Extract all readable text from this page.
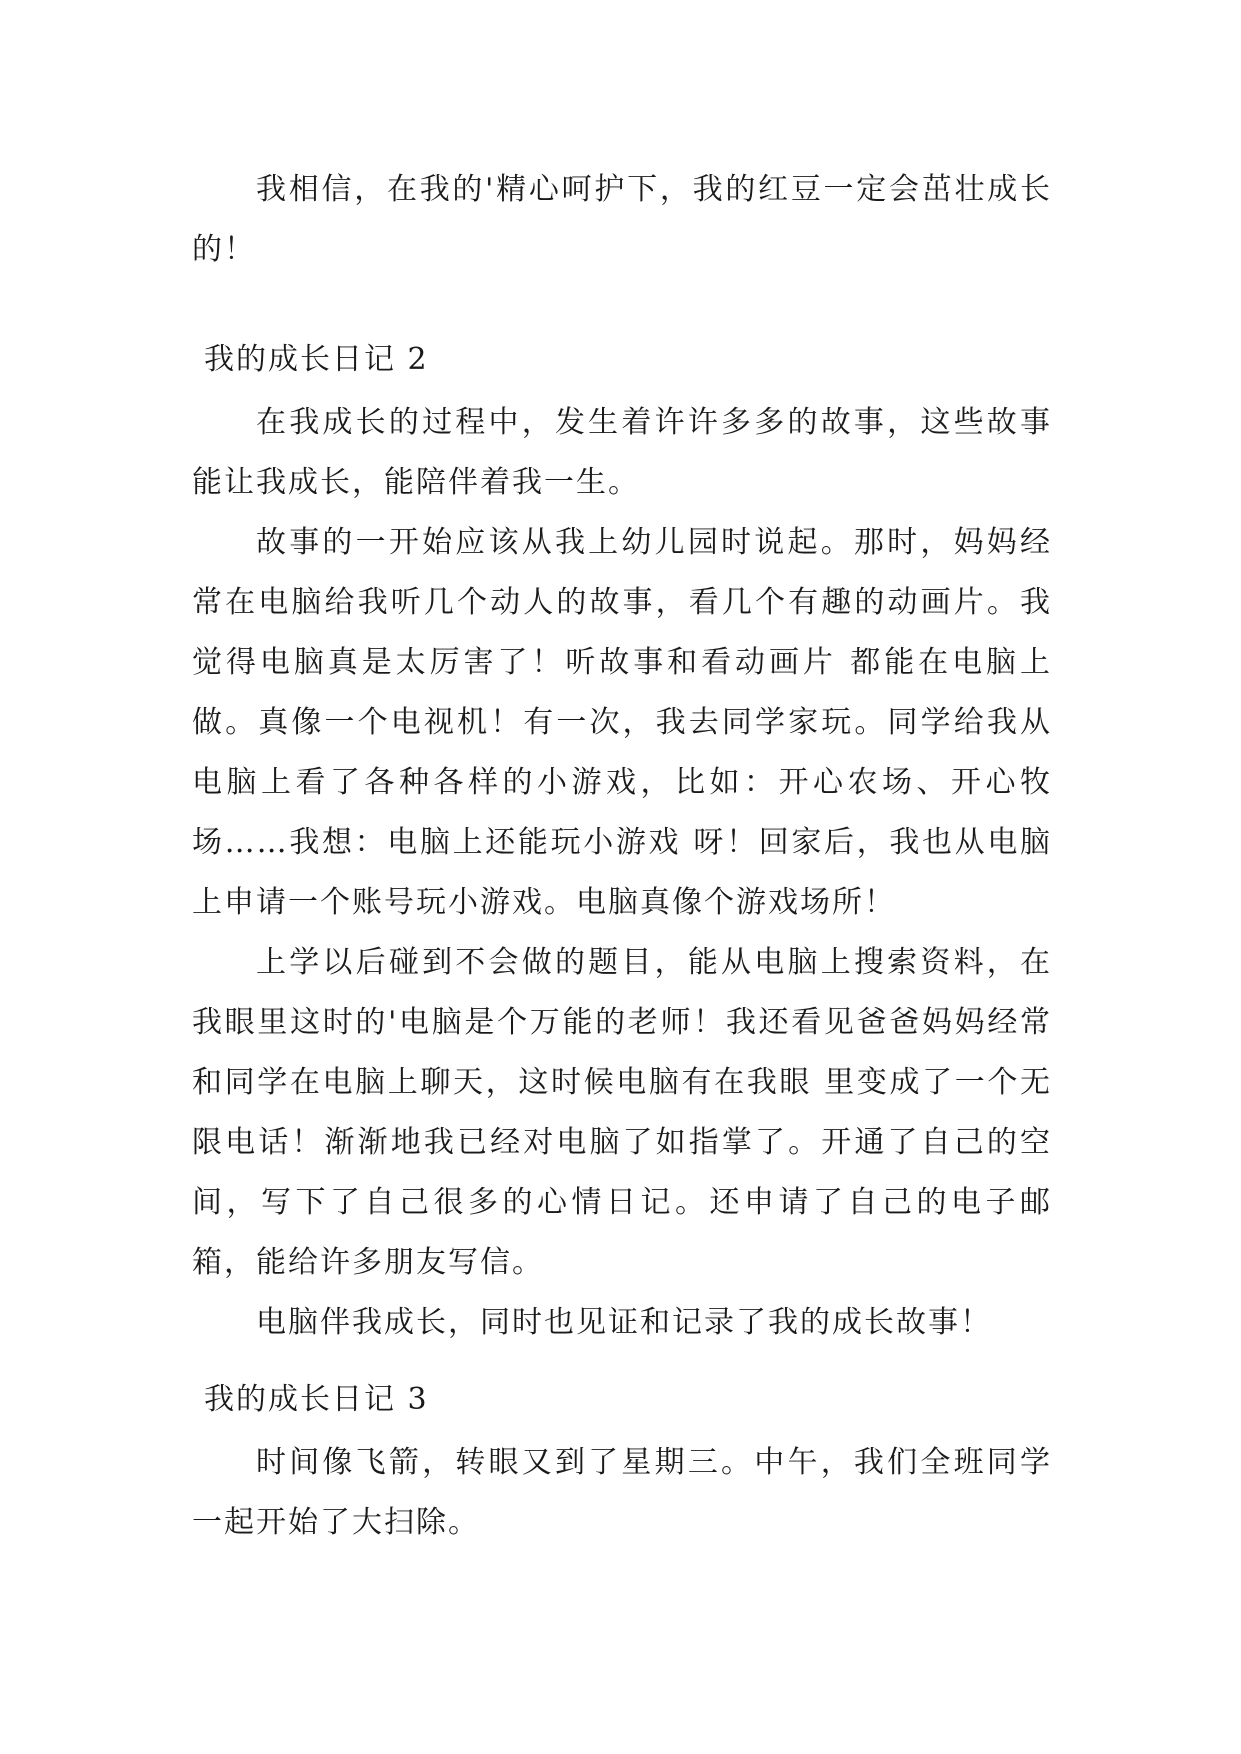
我相信，在我的'精心呵护下，我的红豆一定会茁壮成长的！

我的成长日记 2

在我成长的过程中，发生着许许多多的故事，这些故事能让我成长，能陪伴着我一生。

故事的一开始应该从我上幼儿园时说起。那时，妈妈经常在电脑给我听几个动人的故事，看几个有趣的动画片。我觉得电脑真是太厉害了！听故事和看动画片 都能在电脑上做。真像一个电视机！有一次，我去同学家玩。同学给我从电脑上看了各种各样的小游戏，比如：开心农场、开心牧场……我想：电脑上还能玩小游戏 呀！回家后，我也从电脑上申请一个账号玩小游戏。电脑真像个游戏场所！

上学以后碰到不会做的题目，能从电脑上搜索资料，在我眼里这时的'电脑是个万能的老师！我还看见爸爸妈妈经常和同学在电脑上聊天，这时候电脑有在我眼 里变成了一个无限电话！渐渐地我已经对电脑了如指掌了。开通了自己的空间，写下了自己很多的心情日记。还申请了自己的电子邮箱，能给许多朋友写信。

电脑伴我成长，同时也见证和记录了我的成长故事！

我的成长日记 3

时间像飞箭，转眼又到了星期三。中午，我们全班同学一起开始了大扫除。
